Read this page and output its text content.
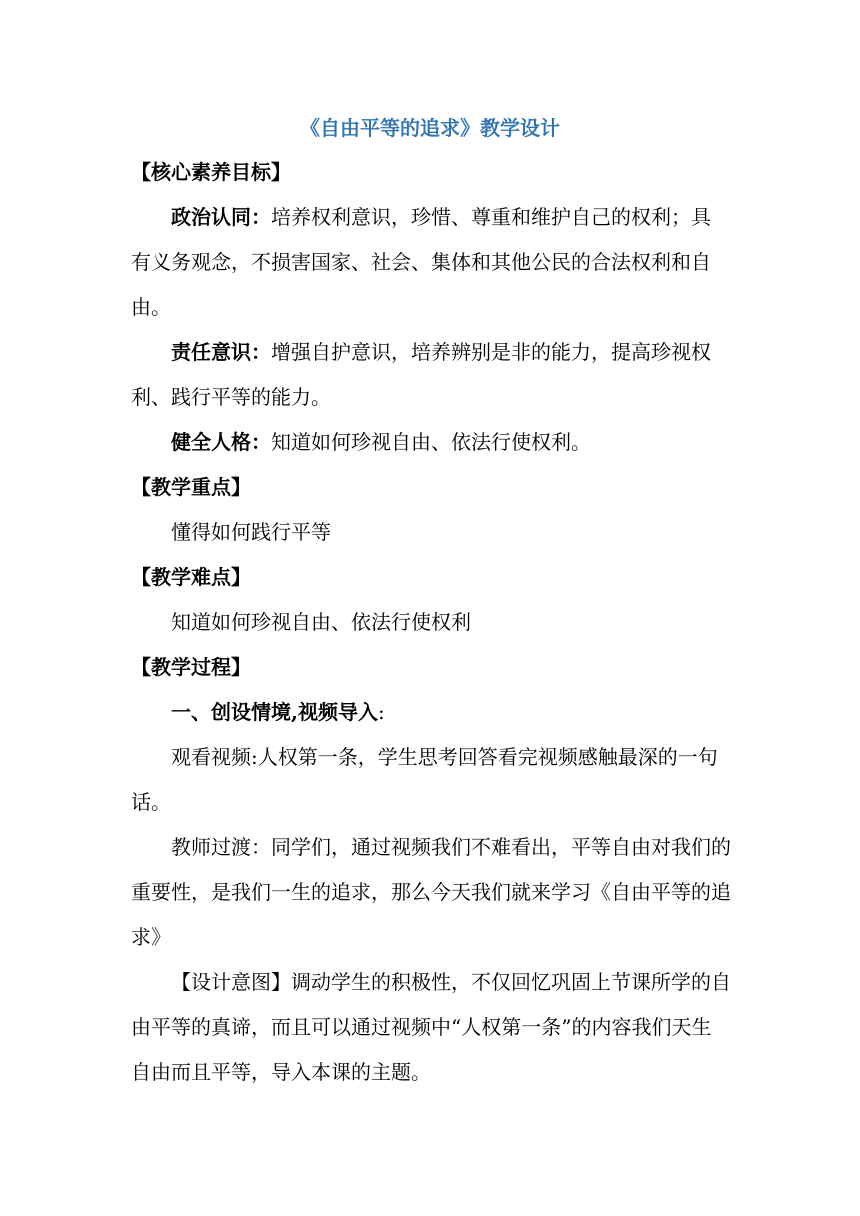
《自由平等的追求》教学设计
【核心素养目标】
政治认同：培养权利意识，珍惜、尊重和维护自己的权利；具
有义务观念，不损害国家、社会、集体和其他公民的合法权利和自
由。
责任意识：增强自护意识，培养辨别是非的能力，提高珍视权
利、践行平等的能力。
健全人格：知道如何珍视自由、依法行使权利。
【教学重点】
懂得如何践行平等
【教学难点】
知道如何珍视自由、依法行使权利
【教学过程】
一、创设情境,视频导入:
观看视频:人权第一条，学生思考回答看完视频感触最深的一句
话。
教师过渡：同学们，通过视频我们不难看出，平等自由对我们的
重要性，是我们一生的追求，那么今天我们就来学习《自由平等的追
求》
【设计意图】调动学生的积极性，不仅回忆巩固上节课所学的自
由平等的真谛，而且可以通过视频中“人权第一条”的内容我们天生
自由而且平等，导入本课的主题。
